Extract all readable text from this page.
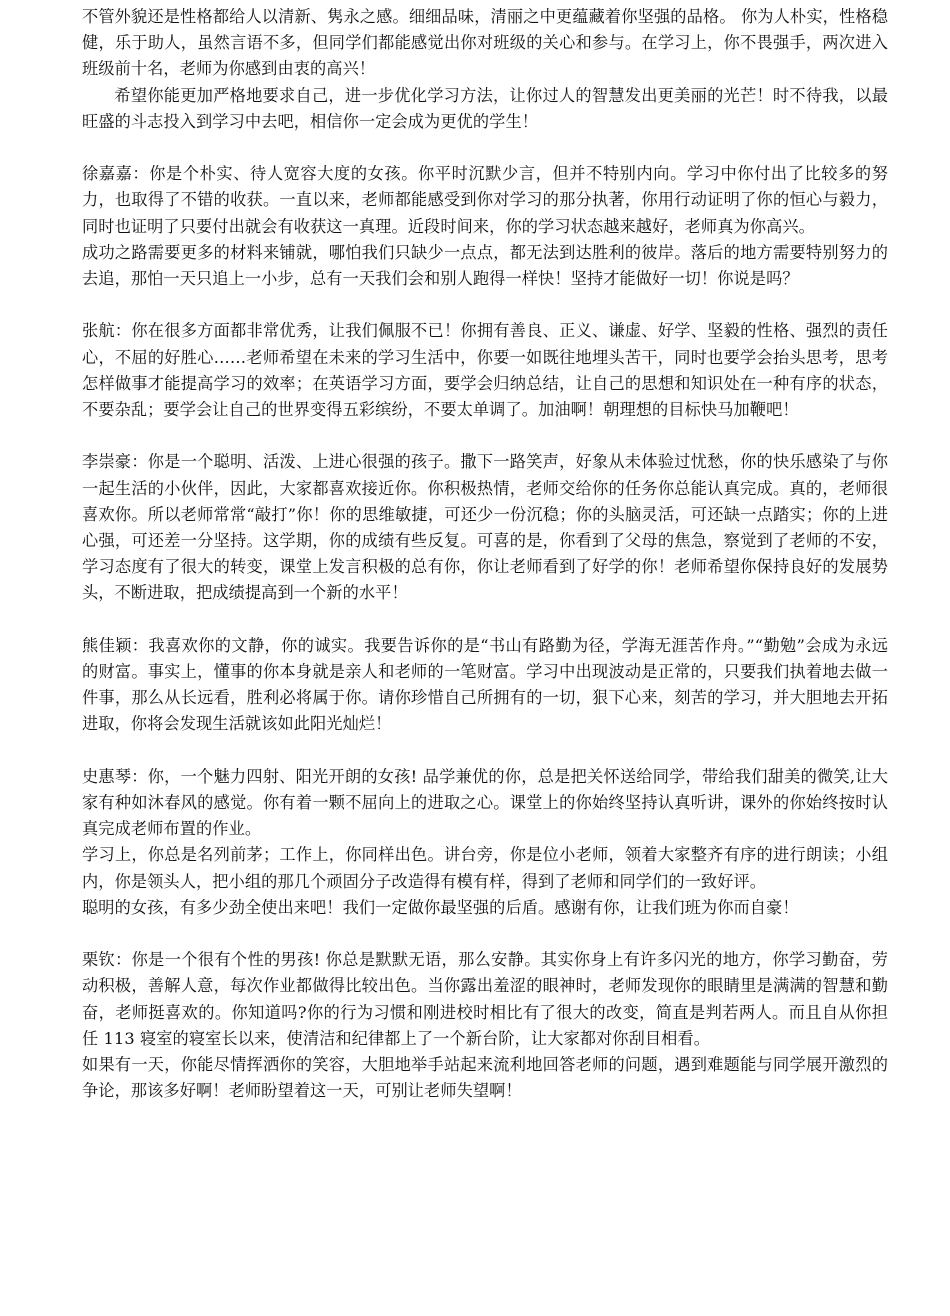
不管外貌还是性格都给人以清新、隽永之感。细细品味，清丽之中更蕴藏着你坚强的品格。 你为人朴实，性格稳健，乐于助人，虽然言语不多，但同学们都能感觉出你对班级的关心和参与。在学习上，你不畏强手，两次进入班级前十名，老师为你感到由衷的高兴！

希望你能更加严格地要求自己，进一步优化学习方法，让你过人的智慧发出更美丽的光芒！时不待我，以最旺盛的斗志投入到学习中去吧，相信你一定会成为更优的学生！

徐嘉嘉：你是个朴实、待人宽容大度的女孩。你平时沉默少言，但并不特别内向。学习中你付出了比较多的努力，也取得了不错的收获。一直以来，老师都能感受到你对学习的那分执著，你用行动证明了你的恒心与毅力，同时也证明了只要付出就会有收获这一真理。近段时间来，你的学习状态越来越好，老师真为你高兴。

成功之路需要更多的材料来铺就，哪怕我们只缺少一点点，都无法到达胜利的彼岸。落后的地方需要特别努力的去追，那怕一天只追上一小步，总有一天我们会和别人跑得一样快！坚持才能做好一切！你说是吗？

张航：你在很多方面都非常优秀，让我们佩服不已！你拥有善良、正义、谦虚、好学、坚毅的性格、强烈的责任心，不屈的好胜心……老师希望在未来的学习生活中，你要一如既往地埋头苦干，同时也要学会抬头思考，思考怎样做事才能提高学习的效率；在英语学习方面，要学会归纳总结，让自己的思想和知识处在一种有序的状态，不要杂乱；要学会让自己的世界变得五彩缤纷，不要太单调了。加油啊！朝理想的目标快马加鞭吧！

李崇豪：你是一个聪明、活泼、上进心很强的孩子。撒下一路笑声，好象从未体验过忧愁，你的快乐感染了与你一起生活的小伙伴，因此，大家都喜欢接近你。你积极热情，老师交给你的任务你总能认真完成。真的，老师很喜欢你。所以老师常常“敲打”你！你的思维敏捷，可还少一份沉稳；你的头脑灵活，可还缺一点踏实；你的上进心强，可还差一分坚持。这学期，你的成绩有些反复。可喜的是，你看到了父母的焦急，察觉到了老师的不安，学习态度有了很大的转变，课堂上发言积极的总有你，你让老师看到了好学的你！老师希望你保持良好的发展势头，不断进取，把成绩提高到一个新的水平！

熊佳颖：我喜欢你的文静，你的诚实。我要告诉你的是“书山有路勤为径，学海无涯苦作舟。”“勤勉”会成为永远的财富。事实上，懂事的你本身就是亲人和老师的一笔财富。学习中出现波动是正常的，只要我们执着地去做一件事，那么从长远看，胜利必将属于你。请你珍惜自己所拥有的一切，狠下心来，刻苦的学习，并大胆地去开拓进取，你将会发现生活就该如此阳光灿烂！

史惠琴：你，一个魅力四射、阳光开朗的女孩! 品学兼优的你，总是把关怀送给同学，带给我们甜美的微笑,让大家有种如沐春风的感觉。你有着一颗不屈向上的进取之心。课堂上的你始终坚持认真听讲，课外的你始终按时认真完成老师布置的作业。

学习上，你总是名列前茅；工作上，你同样出色。讲台旁，你是位小老师，领着大家整齐有序的进行朗读；小组内，你是领头人，把小组的那几个顽固分子改造得有模有样，得到了老师和同学们的一致好评。

聪明的女孩，有多少劲全使出来吧！我们一定做你最坚强的后盾。感谢有你，让我们班为你而自豪！

栗钦：你是一个很有个性的男孩! 你总是默默无语，那么安静。其实你身上有许多闪光的地方，你学习勤奋，劳动积极，善解人意，每次作业都做得比较出色。当你露出羞涩的眼神时，老师发现你的眼睛里是满满的智慧和勤奋，老师挺喜欢的。你知道吗?你的行为习惯和刚进校时相比有了很大的改变，简直是判若两人。而且自从你担任 113 寝室的寝室长以来，使清洁和纪律都上了一个新台阶，让大家都对你刮目相看。

如果有一天，你能尽情挥洒你的笑容，大胆地举手站起来流利地回答老师的问题，遇到难题能与同学展开激烈的争论，那该多好啊！老师盼望着这一天，可别让老师失望啊！
